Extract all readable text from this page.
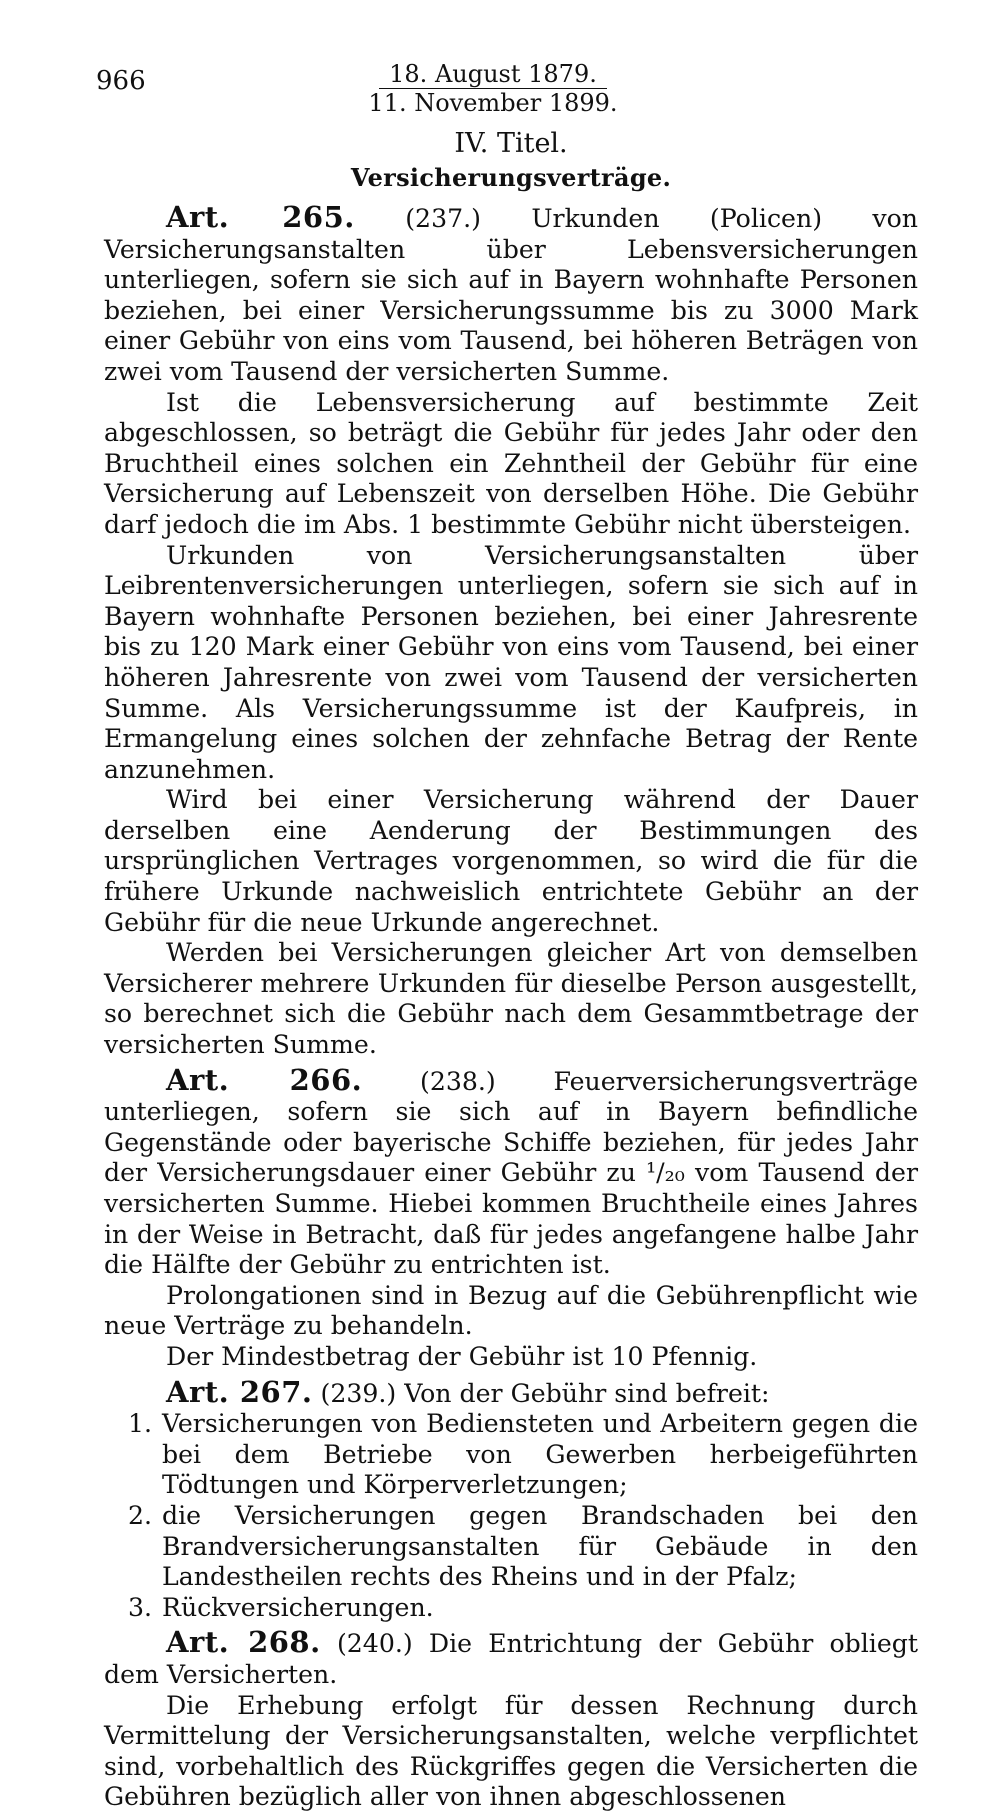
966	18. August 1879.
11. November 1899.
IV. Titel.
Versicherungsverträge.

Art. 265. (237.) Urkunden (Policen) von Versicherungsanstalten über Lebensversicherungen unterliegen, sofern sie sich auf in Bayern wohnhafte Personen beziehen, bei einer Versicherungssumme bis zu 3000 Mark einer Gebühr von eins vom Tausend, bei höheren Beträgen von zwei vom Tausend der versicherten Summe.

Ist die Lebensversicherung auf bestimmte Zeit abgeschlossen, so beträgt die Gebühr für jedes Jahr oder den Bruchtheil eines solchen ein Zehntheil der Gebühr für eine Versicherung auf Lebenszeit von derselben Höhe. Die Gebühr darf jedoch die im Abs. 1 bestimmte Gebühr nicht übersteigen.

Urkunden von Versicherungsanstalten über Leibrentenversicherungen unterliegen, sofern sie sich auf in Bayern wohnhafte Personen beziehen, bei einer Jahresrente bis zu 120 Mark einer Gebühr von eins vom Tausend, bei einer höheren Jahresrente von zwei vom Tausend der versicherten Summe. Als Versicherungssumme ist der Kaufpreis, in Ermangelung eines solchen der zehnfache Betrag der Rente anzunehmen.

Wird bei einer Versicherung während der Dauer derselben eine Aenderung der Bestimmungen des ursprünglichen Vertrages vorgenommen, so wird die für die frühere Urkunde nachweislich entrichtete Gebühr an der Gebühr für die neue Urkunde angerechnet.

Werden bei Versicherungen gleicher Art von demselben Versicherer mehrere Urkunden für dieselbe Person ausgestellt, so berechnet sich die Gebühr nach dem Gesammtbetrage der versicherten Summe.

Art. 266. (238.) Feuerversicherungsverträge unterliegen, sofern sie sich auf in Bayern befindliche Gegenstände oder bayerische Schiffe beziehen, für jedes Jahr der Versicherungsdauer einer Gebühr zu ¹/₂₀ vom Tausend der versicherten Summe. Hiebei kommen Bruchtheile eines Jahres in der Weise in Betracht, daß für jedes angefangene halbe Jahr die Hälfte der Gebühr zu entrichten ist.

Prolongationen sind in Bezug auf die Gebührenpflicht wie neue Verträge zu behandeln.

Der Mindestbetrag der Gebühr ist 10 Pfennig.

Art. 267. (239.) Von der Gebühr sind befreit:

1. Versicherungen von Bediensteten und Arbeitern gegen die bei dem Betriebe von Gewerben herbeigeführten Tödtungen und Körperverletzungen;
2. die Versicherungen gegen Brandschaden bei den Brandversicherungsanstalten für Gebäude in den Landestheilen rechts des Rheins und in der Pfalz;
3. Rückversicherungen.

Art. 268. (240.) Die Entrichtung der Gebühr obliegt dem Versicherten.

Die Erhebung erfolgt für dessen Rechnung durch Vermittelung der Versicherungsanstalten, welche verpflichtet sind, vorbehaltlich des Rückgriffes gegen die Versicherten die Gebühren bezüglich aller von ihnen abgeschlossenen
